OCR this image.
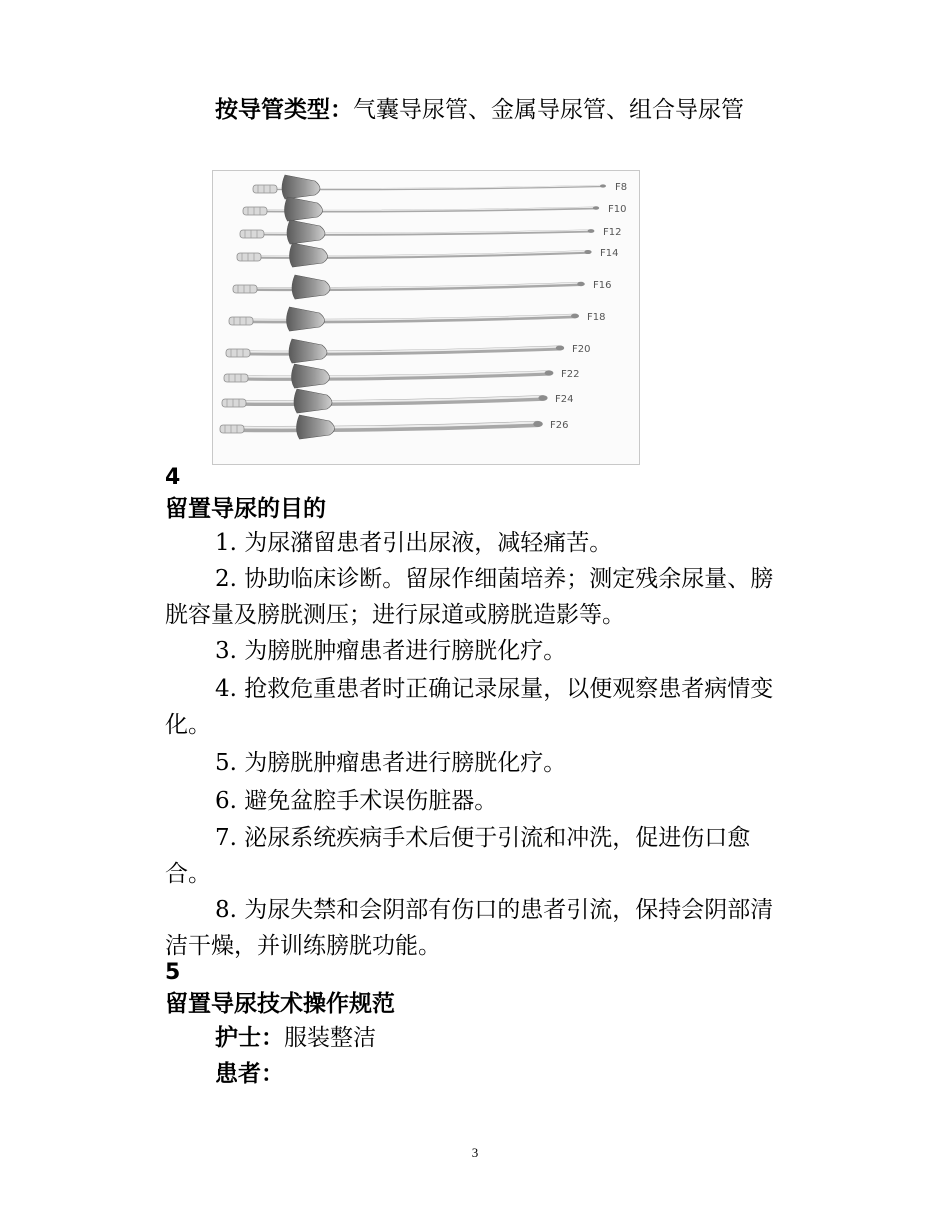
按导管类型：气囊导尿管、金属导尿管、组合导尿管

F8
F10
F12
F14
F16
F18
F20
F22
F24
F26
4
留置导尿的目的

1. 为尿潴留患者引出尿液，减轻痛苦。

2. 协助临床诊断。留尿作细菌培养；测定残余尿量、膀胱容量及膀胱测压；进行尿道或膀胱造影等。

3. 为膀胱肿瘤患者进行膀胱化疗。

4. 抢救危重患者时正确记录尿量，以便观察患者病情变化。

5. 为膀胱肿瘤患者进行膀胱化疗。

6. 避免盆腔手术误伤脏器。

7. 泌尿系统疾病手术后便于引流和冲洗，促进伤口愈合。

8. 为尿失禁和会阴部有伤口的患者引流，保持会阴部清洁干燥，并训练膀胱功能。

5
留置导尿技术操作规范

护士：服装整洁

患者：

3
